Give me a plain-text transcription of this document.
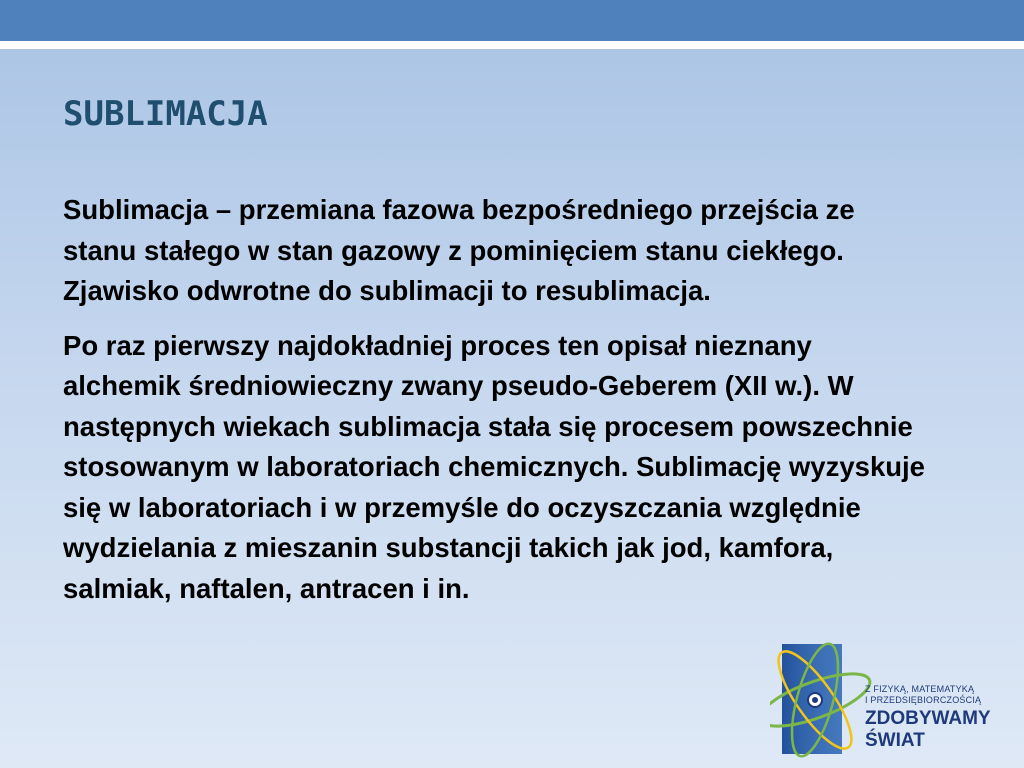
SUBLIMACJA

Sublimacja – przemiana fazowa bezpośredniego przejścia ze stanu stałego w stan gazowy z pominięciem stanu ciekłego. Zjawisko odwrotne do sublimacji to resublimacja.

Po raz pierwszy najdokładniej proces ten opisał nieznany alchemik średniowieczny zwany pseudo-Geberem (XII w.). W następnych wiekach sublimacja stała się procesem powszechnie stosowanym w laboratoriach chemicznych. Sublimację wyzyskuje się w laboratoriach i w przemyśle do oczyszczania względnie wydzielania z mieszanin substancji takich jak jod, kamfora, salmiak, naftalen, antracen i in.

Z FIZYKĄ, MATEMATYKĄ

I PRZEDSIĘBIORCZOŚCIĄ

ZDOBYWAMY

ŚWIAT
